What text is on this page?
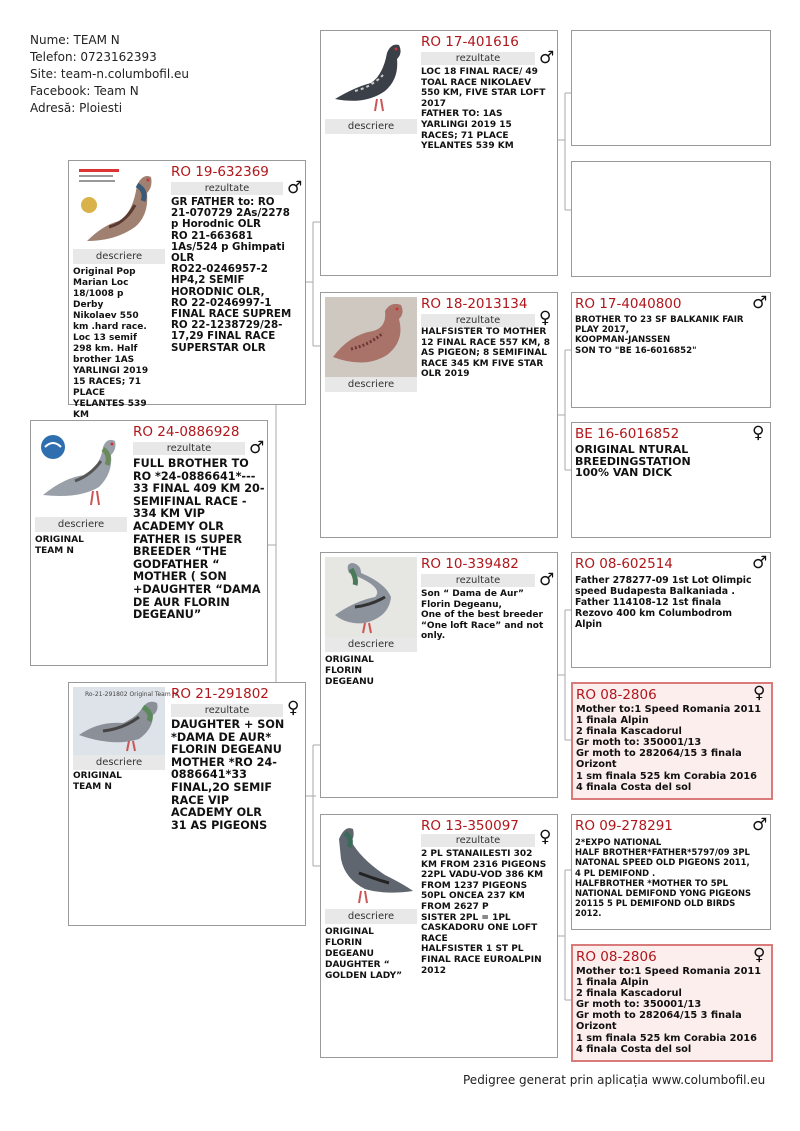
Nume: TEAM N
Telefon: 0723162393
Site: team-n.columbofil.eu
Facebook: Team N
Adresă: Ploiesti
descriere
ORIGINAL TEAM N
RO 24-0886928
rezultate	♂
FULL BROTHER TO
RO *24-0886641*---
33 FINAL 409 KM 20-
SEMIFINAL RACE -
334 KM VIP
ACADEMY OLR
FATHER IS SUPER
BREEDER “THE
GODFATHER “
MOTHER ( SON
+DAUGHTER “DAMA
DE AUR FLORIN
DEGEANU”
descriere
Original Pop Marian Loc 18/1008 p Derby Nikolaev 550 km .hard race. Loc 13 semif 298 km. Half brother 1AS YARLINGI 2019 15 RACES; 71 PLACE YELANTES 539 KM
RO 19-632369
rezultate	♂
GR FATHER to: RO
21-070729 2As/2278
p Horodnic OLR
RO 21-663681
1As/524 p Ghimpati
OLR
RO22-0246957-2
HP4,2 SEMIF
HORODNIC OLR,
RO 22-0246997-1
FINAL RACE SUPREM
RO 22-1238729/28-
17,29 FINAL RACE
SUPERSTAR OLR
Ro-21-291802 Original Team N
descriere
ORIGINAL TEAM N
RO 21-291802
rezultate	♀
DAUGHTER + SON
*DAMA DE AUR*
FLORIN DEGEANU
MOTHER *RO 24-
0886641*33
FINAL,2O SEMIF
RACE VIP
ACADEMY OLR
31 AS PIGEONS
descriere
RO 17-401616
rezultate	♂
LOC 18 FINAL RACE/ 49
TOAL RACE NIKOLAEV
550 KM, FIVE STAR LOFT
2017
FATHER TO: 1AS
YARLINGI 2019 15
RACES; 71 PLACE
YELANTES 539 KM
descriere
RO 18-2013134
rezultate	♀
HALFSISTER TO MOTHER
12 FINAL RACE 557 KM, 8
AS PIGEON; 8 SEMIFINAL
RACE 345 KM FIVE STAR
OLR 2019
descriere
ORIGINAL FLORIN DEGEANU
RO 10-339482
rezultate	♂
Son “ Dama de Aur”
Florin Degeanu,
One of the best breeder
“One loft Race” and not
only.
descriere
ORIGINAL FLORIN DEGEANU DAUGHTER “ GOLDEN LADY”
RO 13-350097
rezultate	♀
2 PL STANAILESTI 302
KM FROM 2316 PIGEONS
22PL VADU-VOD 386 KM
FROM 1237 PIGEONS
50PL ONCEA 237 KM
FROM 2627 P
SISTER 2PL = 1PL
CASKADORU ONE LOFT
RACE
HALFSISTER 1 ST PL
FINAL RACE EUROALPIN
2012
RO 17-4040800	♂
BROTHER TO 23 SF BALKANIK FAIR
PLAY 2017,
KOOPMAN-JANSSEN
SON TO "BE 16-6016852"
BE 16-6016852	♀
ORIGINAL NTURAL
BREEDINGSTATION
100% VAN DICK
RO 08-602514	♂
Father 278277-09 1st Lot Olimpic
speed Budapesta Balkaniada .
Father 114108-12 1st finala
Rezovo 400 km Columbodrom
Alpin
RO 08-2806	♀
Mother to:1 Speed Romania 2011
1 finala Alpin
2 finala Kascadorul
Gr moth to: 350001/13
Gr moth to 282064/15 3 finala
Orizont
1 sm finala 525 km Corabia 2016
4 finala Costa del sol
RO 09-278291	♂
2*EXPO NATIONAL
HALF BROTHER*FATHER*5797/09 3PL
NATONAL SPEED OLD PIGEONS 2011,
4 PL DEMIFOND .
HALFBROTHER *MOTHER TO 5PL
NATIONAL DEMIFOND YONG PIGEONS
20115 5 PL DEMIFOND OLD BIRDS
2012.
RO 08-2806	♀
Mother to:1 Speed Romania 2011
1 finala Alpin
2 finala Kascadorul
Gr moth to: 350001/13
Gr moth to 282064/15 3 finala
Orizont
1 sm finala 525 km Corabia 2016
4 finala Costa del sol
Pedigree generat prin aplicația www.columbofil.eu
